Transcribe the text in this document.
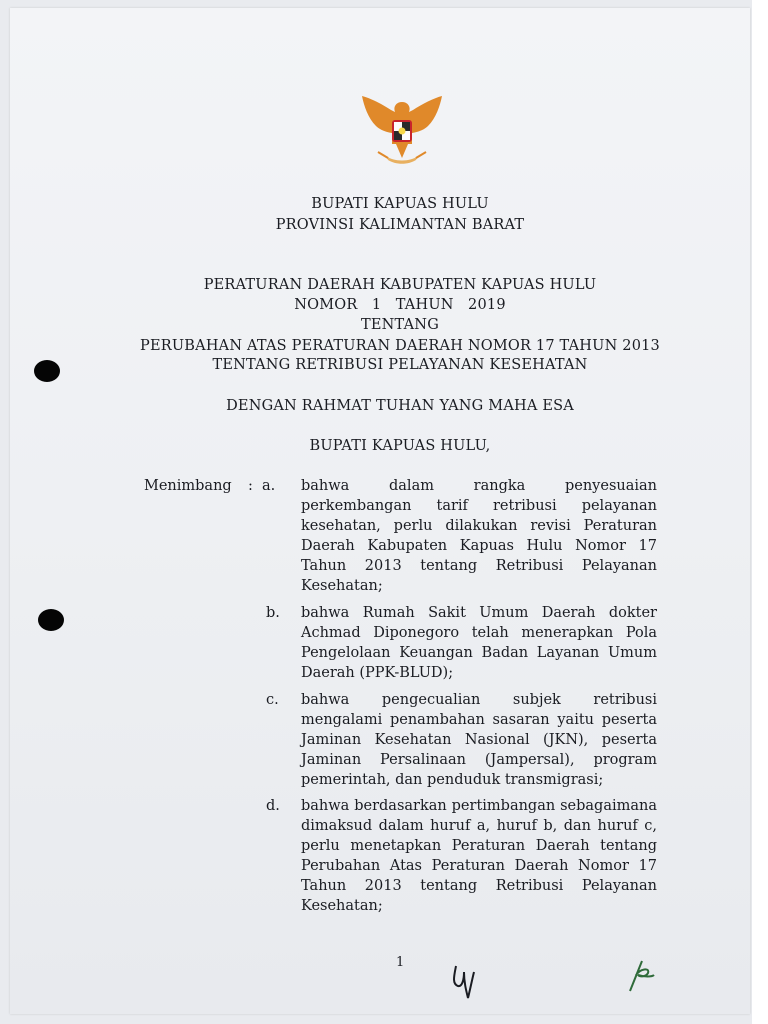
BUPATI KAPUAS HULU
PROVINSI KALIMANTAN BARAT
PERATURAN DAERAH KABUPATEN KAPUAS HULU
NOMOR   1   TAHUN   2019
TENTANG
PERUBAHAN ATAS PERATURAN DAERAH NOMOR 17 TAHUN 2013
TENTANG RETRIBUSI PELAYANAN KESEHATAN
DENGAN RAHMAT TUHAN YANG MAHA ESA
BUPATI KAPUAS HULU,
Menimbang : a. bahwa dalam rangka penyesuaian
perkembangan tarif retribusi pelayanan
kesehatan, perlu dilakukan revisi Peraturan
Daerah Kabupaten Kapuas Hulu Nomor 17
Tahun 2013 tentang Retribusi Pelayanan
Kesehatan;
b. bahwa Rumah Sakit Umum Daerah dokter
Achmad Diponegoro telah menerapkan Pola
Pengelolaan Keuangan Badan Layanan Umum
Daerah (PPK-BLUD);
c. bahwa pengecualian subjek retribusi
mengalami penambahan sasaran yaitu peserta
Jaminan Kesehatan Nasional (JKN), peserta
Jaminan Persalinaan (Jampersal), program
pemerintah, dan penduduk transmigrasi;
d. bahwa berdasarkan pertimbangan sebagaimana
dimaksud dalam huruf a, huruf b, dan huruf c,
perlu menetapkan Peraturan Daerah tentang
Perubahan Atas Peraturan Daerah Nomor 17
Tahun 2013 tentang Retribusi Pelayanan
Kesehatan;
1
